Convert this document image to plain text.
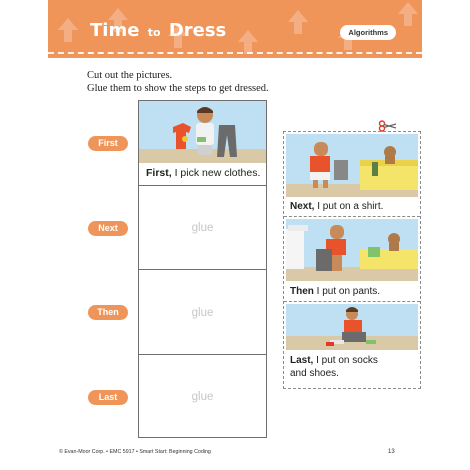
Time to Dress	Algorithms
Cut out the pictures.
Glue them to show the steps to get dressed.
First
Next
Then
Last
First, I pick new clothes.
glue
glue
glue
Next, I put on a shirt.
Then I put on pants.
Last, I put on socks
and shoes.
© Evan-Moor Corp. • EMC 5917 • Smart Start: Beginning Coding	13
